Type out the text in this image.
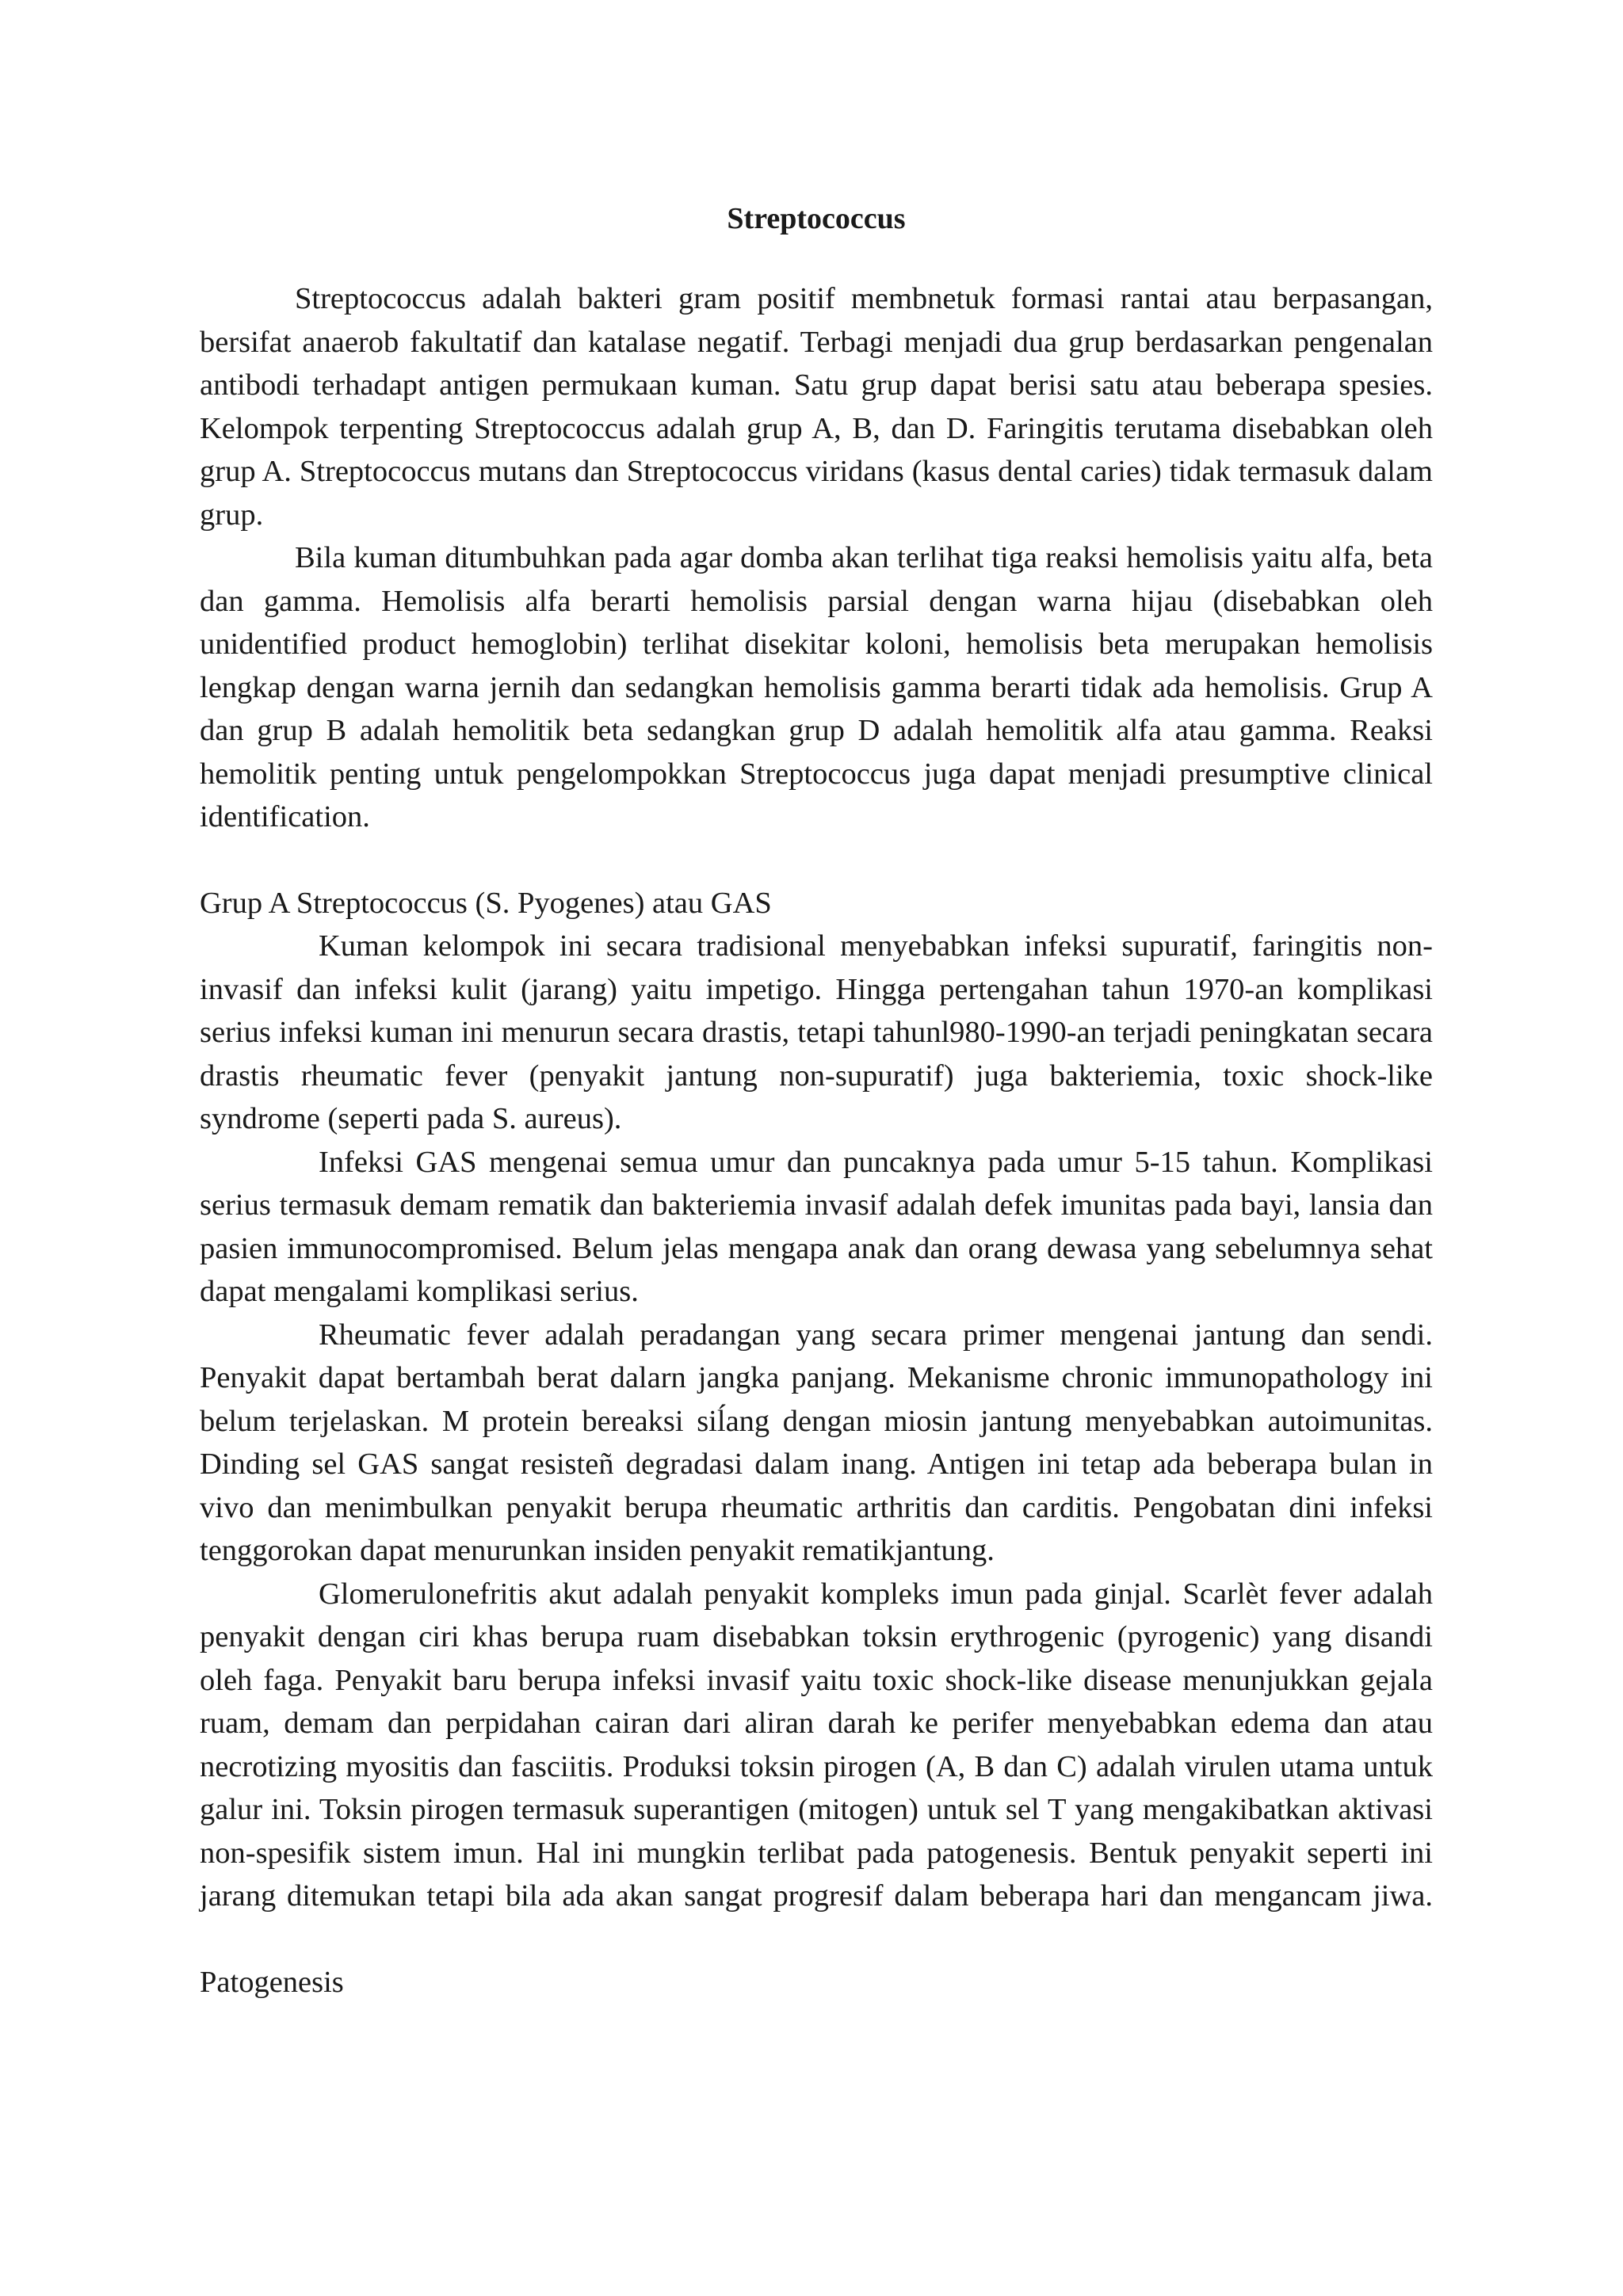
Streptococcus

Streptococcus adalah bakteri gram positif membnetuk formasi rantai atau berpasangan, bersifat anaerob fakultatif dan katalase negatif. Terbagi menjadi dua grup berdasarkan pengenalan antibodi terhadapt antigen permukaan kuman. Satu grup dapat berisi satu atau beberapa spesies. Kelompok terpenting Streptococcus adalah grup A, B, dan D. Faringitis terutama disebabkan oleh grup A. Streptococcus mutans dan Streptococcus viridans (kasus dental caries) tidak termasuk dalam grup.

Bila kuman ditumbuhkan pada agar domba akan terlihat tiga reaksi hemolisis yaitu alfa, beta dan gamma. Hemolisis alfa berarti hemolisis parsial dengan warna hijau (disebabkan oleh unidentified product hemoglobin) terlihat disekitar koloni, hemolisis beta merupakan hemolisis lengkap dengan warna jernih dan sedangkan hemolisis gamma berarti tidak ada hemolisis. Grup A dan grup B adalah hemolitik beta sedangkan grup D adalah hemolitik alfa atau gamma. Reaksi hemolitik penting untuk pengelompokkan Streptococcus juga dapat menjadi presumptive clinical identification.

Grup A Streptococcus (S. Pyogenes) atau GAS

Kuman kelompok ini secara tradisional menyebabkan infeksi supuratif, faringitis non-invasif dan infeksi kulit (jarang) yaitu impetigo. Hingga pertengahan tahun 1970-an komplikasi serius infeksi kuman ini menurun secara drastis, tetapi tahunl980-1990-an terjadi peningkatan secara drastis rheumatic fever (penyakit jantung non-supuratif) juga bakteriemia, toxic shock-like syndrome (seperti pada S. aureus).

Infeksi GAS mengenai semua umur dan puncaknya pada umur 5-15 tahun. Komplikasi serius termasuk demam rematik dan bakteriemia invasif adalah defek imunitas pada bayi, lansia dan pasien immunocompromised. Belum jelas mengapa anak dan orang dewasa yang sebelumnya sehat dapat mengalami komplikasi serius.

Rheumatic fever adalah peradangan yang secara primer mengenai jantung dan sendi. Penyakit dapat bertambah berat dalarn jangka panjang. Mekanisme chronic immunopathology ini belum terjelaskan. M protein bereaksi siĺang dengan miosin jantung menyebabkan autoimunitas. Dinding sel GAS sangat resisteñ degradasi dalam inang. Antigen ini tetap ada beberapa bulan in vivo dan menimbulkan penyakit berupa rheumatic arthritis dan carditis. Pengobatan dini infeksi tenggorokan dapat menurunkan insiden penyakit rematikjantung.

Glomerulonefritis akut adalah penyakit kompleks imun pada ginjal. Scarlèt fever adalah penyakit dengan ciri khas berupa ruam disebabkan toksin erythrogenic (pyrogenic) yang disandi oleh faga. Penyakit baru berupa infeksi invasif yaitu toxic shock-like disease menunjukkan gejala ruam, demam dan perpidahan cairan dari aliran darah ke perifer menyebabkan edema dan atau necrotizing myositis dan fasciitis. Produksi toksin pirogen (A, B dan C) adalah virulen utama untuk galur ini. Toksin pirogen termasuk superantigen (mitogen) untuk sel T yang mengakibatkan aktivasi non-spesifik sistem imun. Hal ini mungkin terlibat pada patogenesis. Bentuk penyakit seperti ini jarang ditemukan tetapi bila ada akan sangat progresif dalam beberapa hari dan mengancam jiwa.

Patogenesis
